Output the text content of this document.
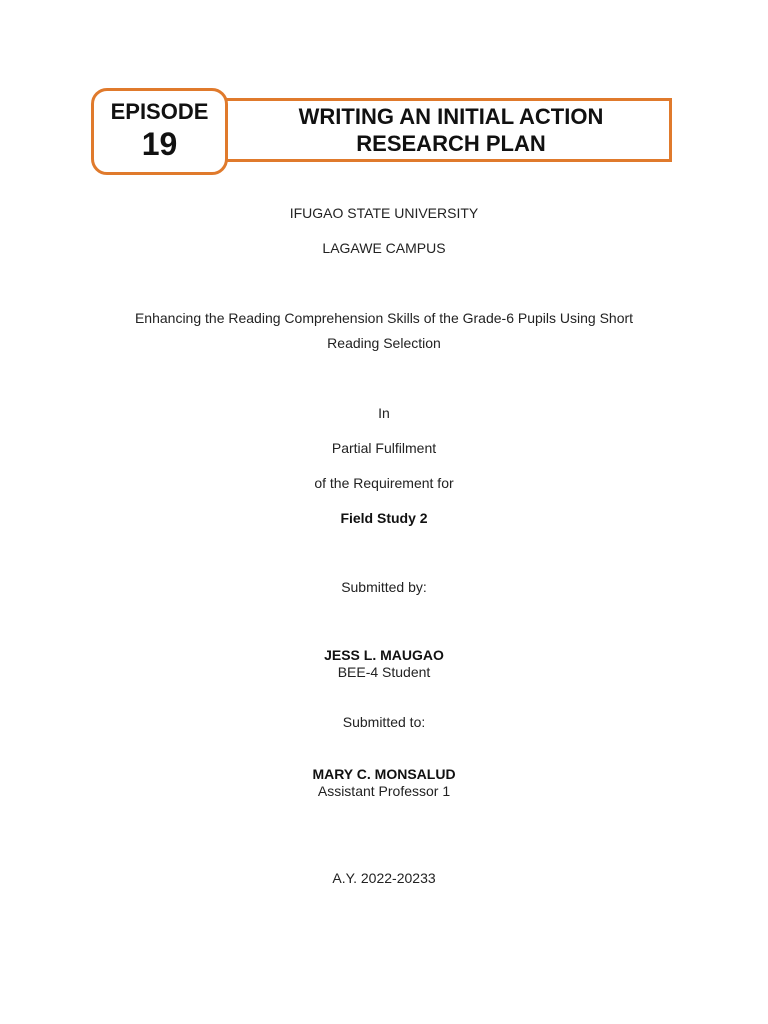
WRITING AN INITIAL ACTION
RESEARCH PLAN
EPISODE
19
IFUGAO STATE UNIVERSITY
LAGAWE CAMPUS
Enhancing the Reading Comprehension Skills of the Grade-6 Pupils Using Short
Reading Selection
In
Partial Fulfilment
of the Requirement for
Field Study 2
Submitted by:
JESS L. MAUGAO
BEE-4 Student
Submitted to:
MARY C. MONSALUD
Assistant Professor 1
A.Y. 2022-20233
